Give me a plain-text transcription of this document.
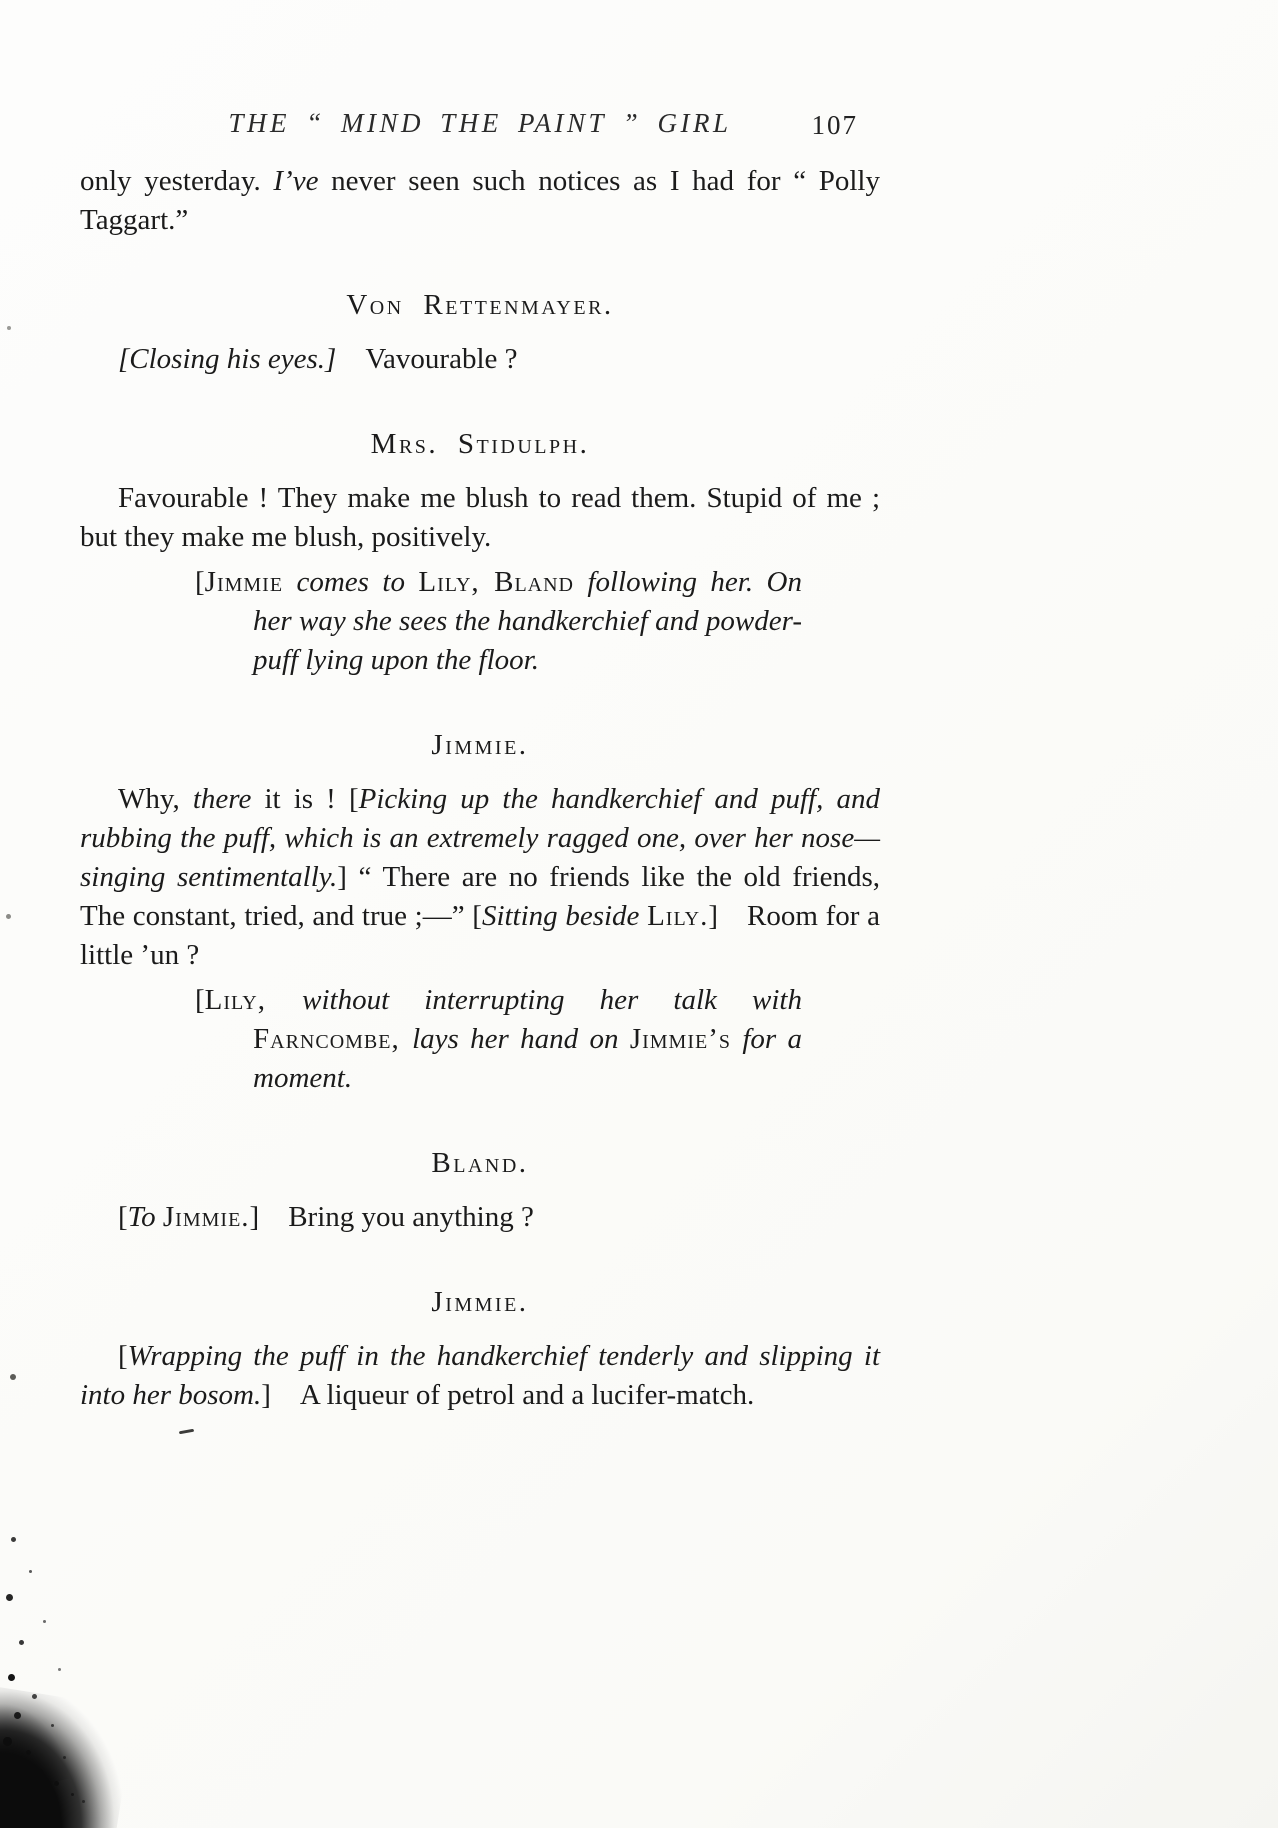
THE “ MIND THE PAINT ” GIRL	107

only yesterday. I’ve never seen such notices as I had for “ Polly Taggart.”

Von Rettenmayer.

[Closing his eyes.] Vavourable ?

Mrs. Stidulph.

Favourable ! They make me blush to read them. Stupid of me ; but they make me blush, positively.

[Jimmie comes to Lily, Bland following her. On her way she sees the handkerchief and powder-puff lying upon the floor.
Jimmie.

Why, there it is ! [Picking up the handkerchief and puff, and rubbing the puff, which is an extremely ragged one, over her nose—singing sentimentally.] “ There are no friends like the old friends, The constant, tried, and true ;—” [Sitting beside Lily.] Room for a little ’un ?

[Lily, without interrupting her talk with Farncombe, lays her hand on Jimmie’s for a moment.
Bland.

[To Jimmie.] Bring you anything ?

Jimmie.

[Wrapping the puff in the handkerchief tenderly and slipping it into her bosom.] A liqueur of petrol and a lucifer-match.
